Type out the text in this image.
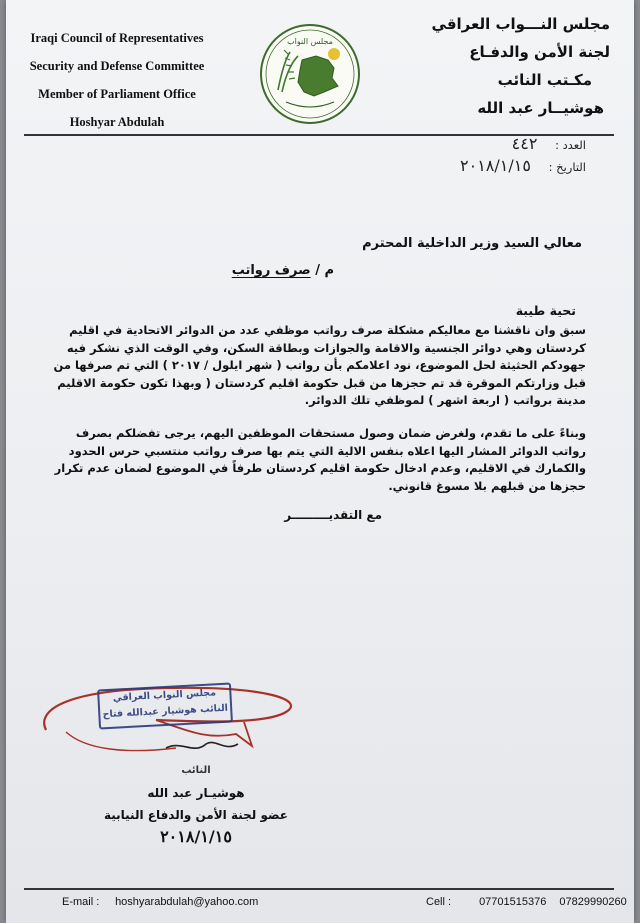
Iraqi Council of Representatives
Security and Defense Committee
Member of Parliament Office
Hoshyar Abdulah
مجلس النواب
مجلس النـــواب العراقي
لجنة الأمن والدفـاع
مكـتب النائب
هوشيــار عبد الله
العدد : ٤٤٢
التاريخ : ٢٠١٨/١/١٥
معالي السيد وزير الداخلية المحترم
م / صرف رواتب
تحية طيبة
سبق وان ناقشنا مع معاليكم مشكلة صرف رواتب موظفي عدد من الدوائر الاتحادية في اقليم كردستان وهي دوائر الجنسية والاقامة والجوازات وبطاقة السكن، وفي الوقت الذي نشكر فيه جهودكم الحثيثة لحل الموضوع، نود اعلامكم بأن رواتب ( شهر ايلول / ٢٠١٧ ) التي تم صرفها من قبل وزارتكم الموقرة قد تم حجزها من قبل حكومة اقليم كردستان ( وبهذا تكون حكومة الاقليم مدينة برواتب ( اربعة اشهر ) لموظفي تلك الدوائر.
وبناءً على ما تقدم، ولغرض ضمان وصول مستحقات الموظفين اليهم، يرجى تفضلكم بصرف رواتب الدوائر المشار اليها اعلاه بنفس الالية التي يتم بها صرف رواتب منتسبي حرس الحدود والكمارك في الاقليم، وعدم ادخال حكومة اقليم كردستان طرفاً في الموضوع لضمان عدم تكرار حجزها من قبلهم بلا مسوغ قانوني.
مع التقديـــــــــر
مجلس النواب العراقي
النائب هوشيار عبدالله فتاح
النائب
هوشيـار عبد الله
عضو لجنة الأمن والدفاع النيابية
٢٠١٨/١/١٥
E-mail : hoshyarabdulah@yahoo.com	Cell :	07701515376 07829990260
